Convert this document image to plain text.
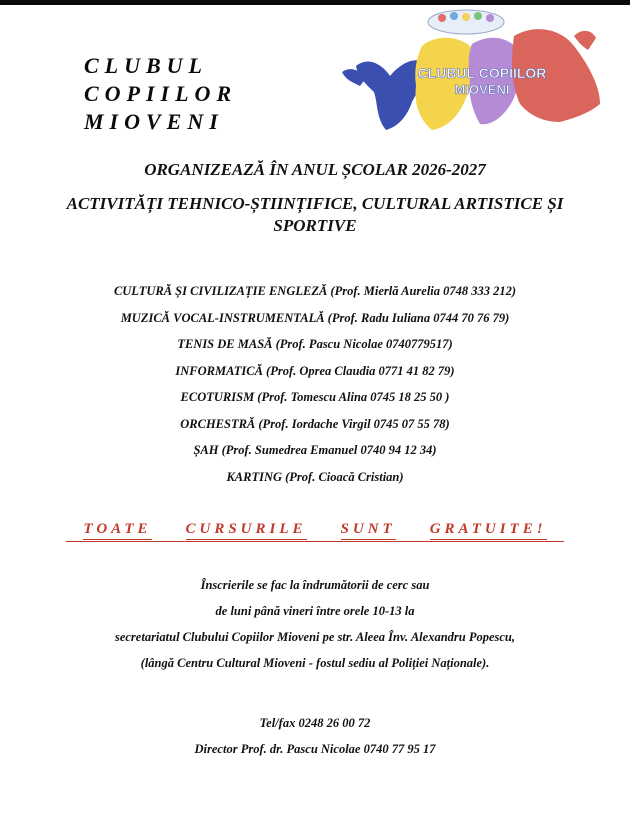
CLUBUL
COPIILOR
MIOVENI
CLUBUL COPIILOR
MIOVENI
ORGANIZEAZĂ ÎN ANUL ȘCOLAR 2026-2027
ACTIVITĂȚI TEHNICO-ȘTIINȚIFICE, CULTURAL ARTISTICE ȘI SPORTIVE
CULTURĂ ȘI CIVILIZAȚIE ENGLEZĂ (Prof. Mierlă Aurelia 0748 333 212)
MUZICĂ VOCAL-INSTRUMENTALĂ (Prof. Radu Iuliana 0744 70 76 79)
TENIS DE MASĂ (Prof. Pascu Nicolae 0740779517)
INFORMATICĂ (Prof. Oprea Claudia 0771 41 82 79)
ECOTURISM (Prof. Tomescu Alina 0745 18 25 50 )
ORCHESTRĂ (Prof. Iordache Virgil 0745 07 55 78)
ȘAH (Prof. Sumedrea Emanuel 0740 94 12 34)
KARTING (Prof. Cioacă Cristian)
TOATE CURSURILE SUNT GRATUITE!
Înscrierile se fac la îndrumătorii de cerc sau
de luni până vineri între orele 10-13 la
secretariatul Clubului Copiilor Mioveni pe str. Aleea Înv. Alexandru Popescu,
(lângă Centru Cultural Mioveni - fostul sediu al Poliției Naționale).
Tel/fax 0248 26 00 72
Director Prof. dr. Pascu Nicolae 0740 77 95 17
